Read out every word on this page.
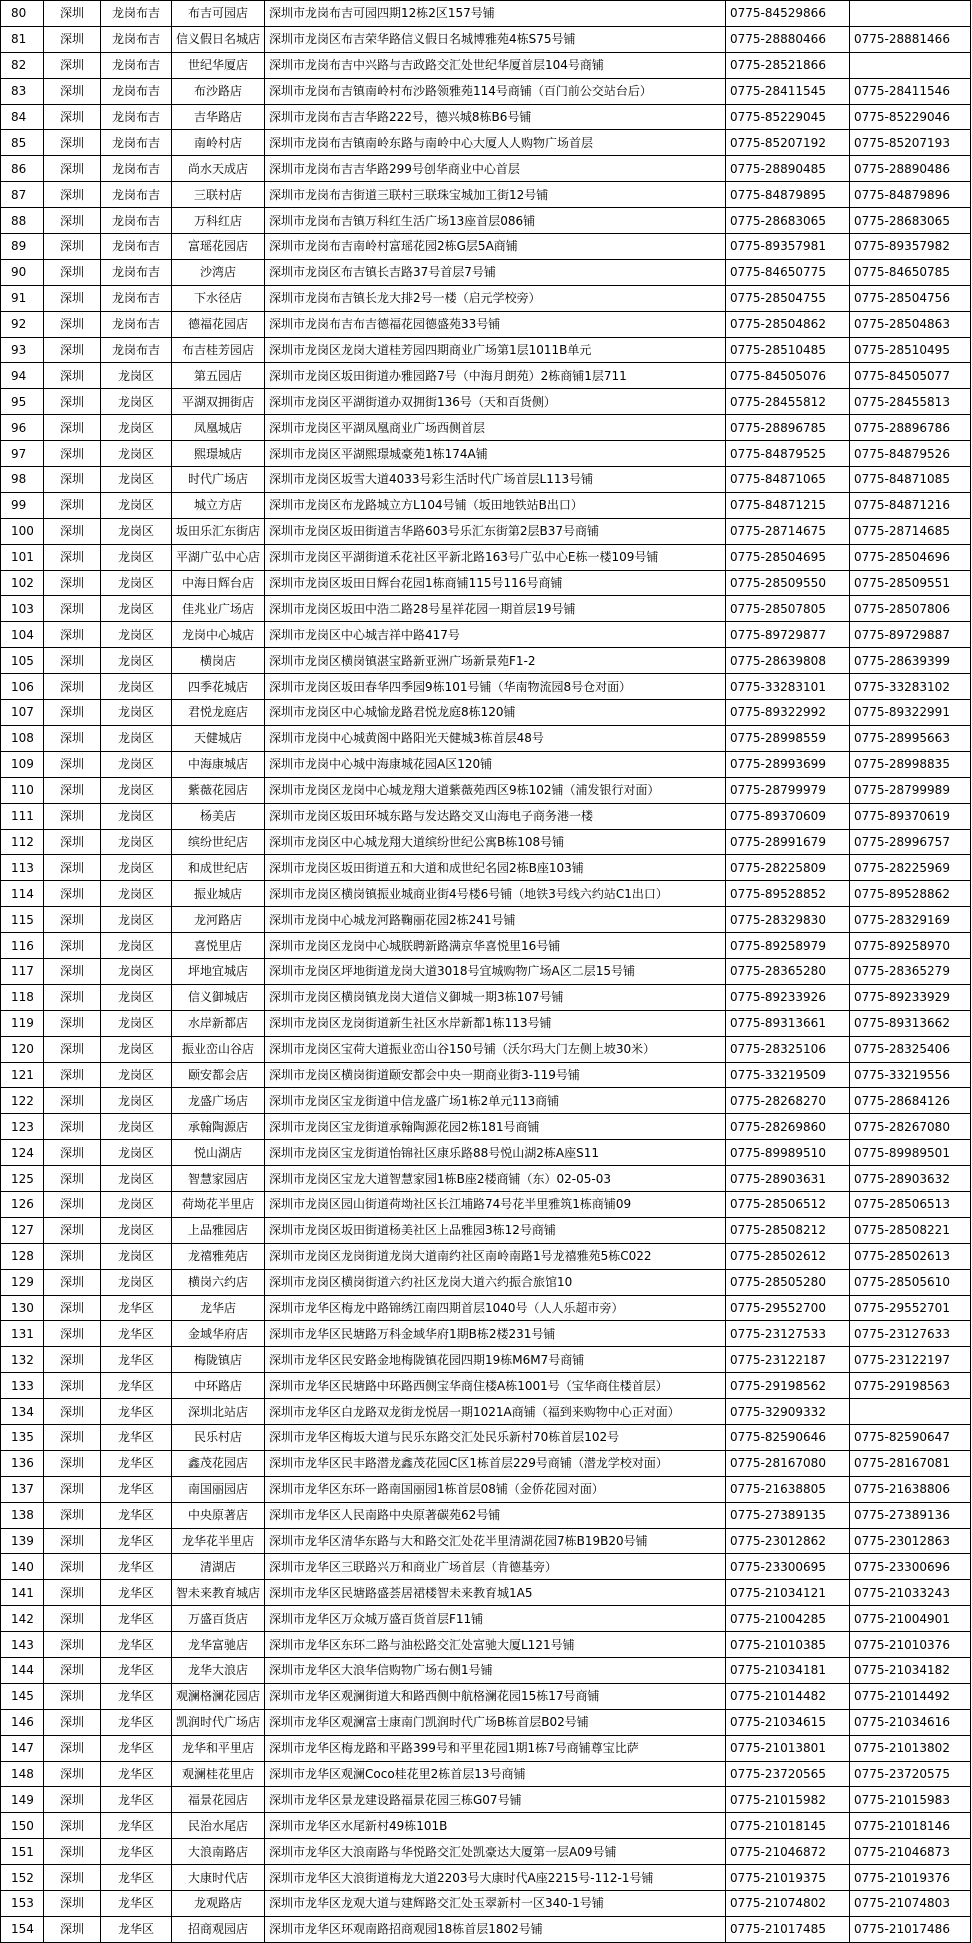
80	深圳	龙岗布吉	布吉可园店	深圳市龙岗布吉可园四期12栋2区157号铺	0775-84529866	
81	深圳	龙岗布吉	信义假日名城店	深圳市龙岗区布吉荣华路信义假日名城博雅苑4栋S75号铺	0775-28880466	0775-28881466
82	深圳	龙岗布吉	世纪华厦店	深圳市龙岗布吉中兴路与吉政路交汇处世纪华厦首层104号商铺	0775-28521866	
83	深圳	龙岗布吉	布沙路店	深圳市龙岗布吉镇南岭村布沙路领雅苑114号商铺（百门前公交站台后）	0775-28411545	0775-28411546
84	深圳	龙岗布吉	吉华路店	深圳市龙岗布吉吉华路222号，德兴城8栋B6号铺	0775-85229045	0775-85229046
85	深圳	龙岗布吉	南岭村店	深圳市龙岗布吉镇南岭东路与南岭中心大厦人人购物广场首层	0775-85207192	0775-85207193
86	深圳	龙岗布吉	尚水天成店	深圳市龙岗布吉吉华路299号创华商业中心首层	0775-28890485	0775-28890486
87	深圳	龙岗布吉	三联村店	深圳市龙岗布吉街道三联村三联珠宝城加工街12号铺	0775-84879895	0775-84879896
88	深圳	龙岗布吉	万科红店	深圳市龙岗布吉镇万科红生活广场13座首层086铺	0775-28683065	0775-28683065
89	深圳	龙岗布吉	富瑶花园店	深圳市龙岗布吉南岭村富瑶花园2栋G层5A商铺	0775-89357981	0775-89357982
90	深圳	龙岗布吉	沙湾店	深圳市龙岗区布吉镇长吉路37号首层7号铺	0775-84650775	0775-84650785
91	深圳	龙岗布吉	下水径店	深圳市龙岗布吉镇长龙大排2号一楼（启元学校旁）	0775-28504755	0775-28504756
92	深圳	龙岗布吉	德福花园店	深圳市龙岗布吉布吉德福花园德盛苑33号铺	0775-28504862	0775-28504863
93	深圳	龙岗布吉	布吉桂芳园店	深圳市龙岗区龙岗大道桂芳园四期商业广场第1层1011B单元	0775-28510485	0775-28510495
94	深圳	龙岗区	第五园店	深圳市龙岗区坂田街道办雅园路7号（中海月朗苑）2栋商铺1层711	0775-84505076	0775-84505077
95	深圳	龙岗区	平湖双拥街店	深圳市龙岗区平湖街道办双拥街136号（天和百货侧）	0775-28455812	0775-28455813
96	深圳	龙岗区	凤凰城店	深圳市龙岗区平湖凤凰商业广场西侧首层	0775-28896785	0775-28896786
97	深圳	龙岗区	熙璟城店	深圳市龙岗区平湖熙璟城豪苑1栋174A铺	0775-84879525	0775-84879526
98	深圳	龙岗区	时代广场店	深圳市龙岗区坂雪大道4033号彩生活时代广场首层L113号铺	0775-84871065	0775-84871085
99	深圳	龙岗区	城立方店	深圳市龙岗区布龙路城立方L104号铺（坂田地铁站B出口）	0775-84871215	0775-84871216
100	深圳	龙岗区	坂田乐汇东街店	深圳市龙岗区坂田街道吉华路603号乐汇东街第2层B37号商铺	0775-28714675	0775-28714685
101	深圳	龙岗区	平湖广弘中心店	深圳市龙岗区平湖街道禾花社区平新北路163号广弘中心E栋一楼109号铺	0775-28504695	0775-28504696
102	深圳	龙岗区	中海日辉台店	深圳市龙岗区坂田日辉台花园1栋商铺115号116号商铺	0775-28509550	0775-28509551
103	深圳	龙岗区	佳兆业广场店	深圳市龙岗区坂田中浩二路28号星祥花园一期首层19号铺	0775-28507805	0775-28507806
104	深圳	龙岗区	龙岗中心城店	深圳市龙岗区中心城吉祥中路417号	0775-89729877	0775-89729887
105	深圳	龙岗区	横岗店	深圳市龙岗区横岗镇湛宝路新亚洲广场新景苑F1-2	0775-28639808	0775-28639399
106	深圳	龙岗区	四季花城店	深圳市龙岗区坂田春华四季园9栋101号铺（华南物流园8号仓对面）	0775-33283101	0775-33283102
107	深圳	龙岗区	君悦龙庭店	深圳市龙岗区中心城愉龙路君悦龙庭8栋120铺	0775-89322992	0775-89322991
108	深圳	龙岗区	天健城店	深圳市龙岗中心城黄阁中路阳光天健城3栋首层48号	0775-28998559	0775-28995663
109	深圳	龙岗区	中海康城店	深圳市龙岗中心城中海康城花园A区120铺	0775-28993699	0775-28998835
110	深圳	龙岗区	紫薇花园店	深圳市龙岗区龙岗中心城龙翔大道紫薇苑西区9栋102铺（浦发银行对面）	0775-28799979	0775-28799989
111	深圳	龙岗区	杨美店	深圳市龙岗区坂田环城东路与发达路交叉山海电子商务港一楼	0775-89370609	0775-89370619
112	深圳	龙岗区	缤纷世纪店	深圳市龙岗区中心城龙翔大道缤纷世纪公寓B栋108号铺	0775-28991679	0775-28996757
113	深圳	龙岗区	和成世纪店	深圳市龙岗区坂田街道五和大道和成世纪名园2栋B座103铺	0775-28225809	0775-28225969
114	深圳	龙岗区	振业城店	深圳市龙岗区横岗镇振业城商业街4号楼6号铺（地铁3号线六约站C1出口）	0775-89528852	0775-89528862
115	深圳	龙岗区	龙河路店	深圳市龙岗中心城龙河路鞠丽花园2栋241号铺	0775-28329830	0775-28329169
116	深圳	龙岗区	喜悦里店	深圳市龙岗区龙岗中心城朕聘新路满京华喜悦里16号铺	0775-89258979	0775-89258970
117	深圳	龙岗区	坪地宜城店	深圳市龙岗区坪地街道龙岗大道3018号宜城购物广场A区二层15号铺	0775-28365280	0775-28365279
118	深圳	龙岗区	信义御城店	深圳市龙岗区横岗镇龙岗大道信义御城一期3栋107号铺	0775-89233926	0775-89233929
119	深圳	龙岗区	水岸新都店	深圳市龙岗区龙岗街道新生社区水岸新都1栋113号铺	0775-89313661	0775-89313662
120	深圳	龙岗区	振业峦山谷店	深圳市龙岗区宝荷大道振业峦山谷150号铺（沃尔玛大门左侧上坡30米）	0775-28325106	0775-28325406
121	深圳	龙岗区	颐安都会店	深圳市龙岗区横岗街道颐安都会中央一期商业街3-119号铺	0775-33219509	0775-33219556
122	深圳	龙岗区	龙盛广场店	深圳市龙岗区宝龙街道中信龙盛广场1栋2单元113商铺	0775-28268270	0775-28684126
123	深圳	龙岗区	承翰陶源店	深圳市龙岗区宝龙街道承翰陶源花园2栋181号商铺	0775-28269860	0775-28267080
124	深圳	龙岗区	悦山湖店	深圳市龙岗区宝龙街道怡锦社区康乐路88号悦山湖2栋A座S11	0775-89989510	0775-89989501
125	深圳	龙岗区	智慧家园店	深圳市龙岗区宝龙大道智慧家园1栋B座2楼商铺（东）02-05-03	0775-28903631	0775-28903632
126	深圳	龙岗区	荷坳花半里店	深圳市龙岗区园山街道荷坳社区长江埔路74号花半里雅筑1栋商铺09	0775-28506512	0775-28506513
127	深圳	龙岗区	上品雅园店	深圳市龙岗区坂田街道杨美社区上品雅园3栋12号商铺	0775-28508212	0775-28508221
128	深圳	龙岗区	龙禧雅苑店	深圳市龙岗区龙岗街道龙岗大道南约社区南岭南路1号龙禧雅苑5栋C022	0775-28502612	0775-28502613
129	深圳	龙岗区	横岗六约店	深圳市龙岗区横岗街道六约社区龙岗大道六约振合旅馆10	0775-28505280	0775-28505610
130	深圳	龙华区	龙华店	深圳市龙华区梅龙中路锦绣江南四期首层1040号（人人乐超市旁）	0775-29552700	0775-29552701
131	深圳	龙华区	金域华府店	深圳市龙华区民塘路万科金域华府1期B栋2楼231号铺	0775-23127533	0775-23127633
132	深圳	龙华区	梅陇镇店	深圳市龙华区民安路金地梅陇镇花园四期19栋M6M7号商铺	0775-23122187	0775-23122197
133	深圳	龙华区	中环路店	深圳市龙华区民塘路中环路西侧宝华商住楼A栋1001号（宝华商住楼首层）	0775-29198562	0775-29198563
134	深圳	龙华区	深圳北站店	深圳市龙华区白龙路双龙街龙悦居一期1021A商铺（福到来购物中心正对面）	0775-32909332	
135	深圳	龙华区	民乐村店	深圳市龙华区梅坂大道与民乐东路交汇处民乐新村70栋首层102号	0775-82590646	0775-82590647
136	深圳	龙华区	鑫茂花园店	深圳市龙华区民丰路潜龙鑫茂花园C区1栋首层229号商铺（潜龙学校对面）	0775-28167080	0775-28167081
137	深圳	龙华区	南国丽园店	深圳市龙华区东环一路南国丽园1栋首层08铺（金侨花园对面）	0775-21638805	0775-21638806
138	深圳	龙华区	中央原著店	深圳市龙华区人民南路中央原著碳苑62号铺	0775-27389135	0775-27389136
139	深圳	龙华区	龙华花半里店	深圳市龙华区清华东路与大和路交汇处花半里清湖花园7栋B19B20号铺	0775-23012862	0775-23012863
140	深圳	龙华区	清湖店	深圳市龙华区三联路兴万和商业广场首层（肯德基旁）	0775-23300695	0775-23300696
141	深圳	龙华区	智未来教育城店	深圳市龙华区民塘路盛荟居裙楼智未来教育城1A5	0775-21034121	0775-21033243
142	深圳	龙华区	万盛百货店	深圳市龙华区万众城万盛百货首层F11铺	0775-21004285	0775-21004901
143	深圳	龙华区	龙华富驰店	深圳市龙华区东环二路与油松路交汇处富驰大厦L121号铺	0775-21010385	0775-21010376
144	深圳	龙华区	龙华大浪店	深圳市龙华区大浪华信购物广场右侧1号铺	0775-21034181	0775-21034182
145	深圳	龙华区	观澜格澜花园店	深圳市龙华区观澜街道大和路西侧中航格澜花园15栋17号商铺	0775-21014482	0775-21014492
146	深圳	龙华区	凯润时代广场店	深圳市龙华区观澜富士康南门凯润时代广场B栋首层B02号铺	0775-21034615	0775-21034616
147	深圳	龙华区	龙华和平里店	深圳市龙华区梅龙路和平路399号和平里花园1期1栋7号商铺尊宝比萨	0775-21013801	0775-21013802
148	深圳	龙华区	观澜桂花里店	深圳市龙华区观澜Coco桂花里2栋首层13号商铺	0775-23720565	0775-23720575
149	深圳	龙华区	福景花园店	深圳市龙华区景龙建设路福景花园三栋G07号铺	0775-21015982	0775-21015983
150	深圳	龙华区	民治水尾店	深圳市龙华区水尾新村49栋101B	0775-21018145	0775-21018146
151	深圳	龙华区	大浪南路店	深圳市龙华区大浪南路与华悦路交汇处凯豪达大厦第一层A09号铺	0775-21046872	0775-21046873
152	深圳	龙华区	大康时代店	深圳市龙华区大浪街道梅龙大道2203号大康时代A座2215号-112-1号铺	0775-21019375	0775-21019376
153	深圳	龙华区	龙观路店	深圳市龙华区龙观大道与建辉路交汇处玉翠新村一区340-1号铺	0775-21074802	0775-21074803
154	深圳	龙华区	招商观园店	深圳市龙华区环观南路招商观园18栋首层1802号铺	0775-21017485	0775-21017486
